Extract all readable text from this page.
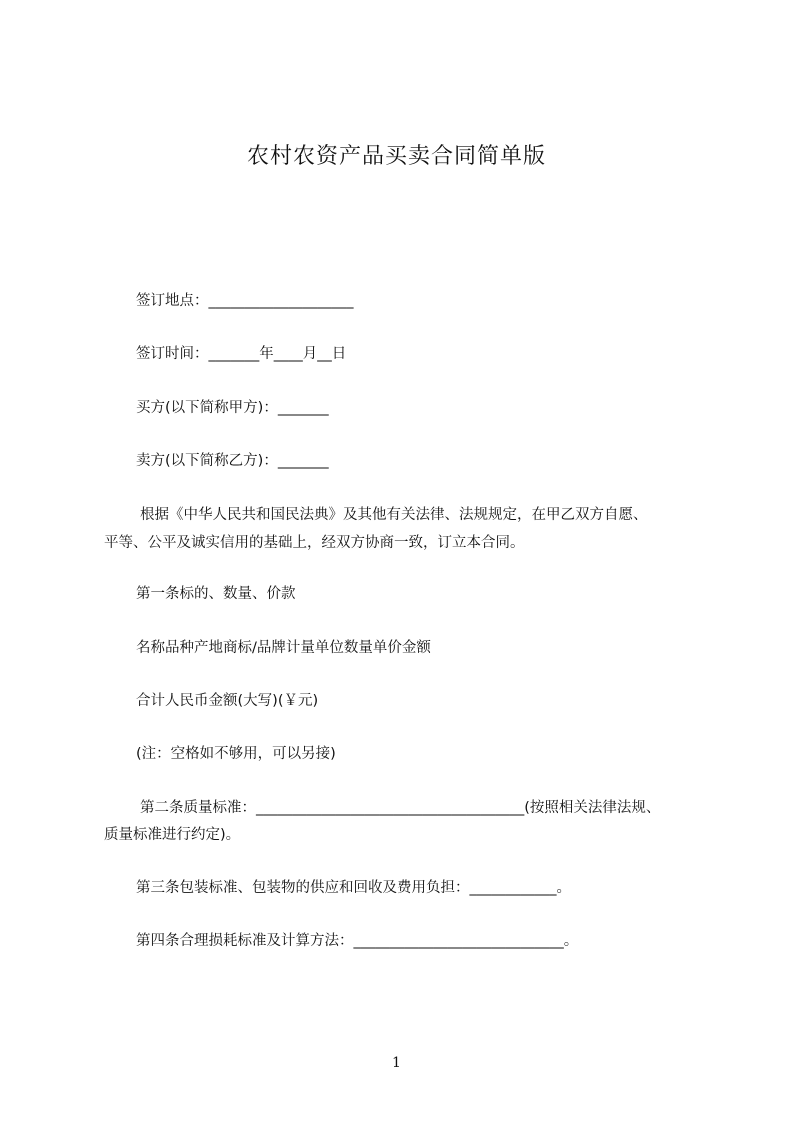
农村农资产品买卖合同简单版
签订地点：____________________
签订时间：_______年____月__日
买方(以下简称甲方)：_______
卖方(以下简称乙方)：_______
根据《中华人民共和国民法典》及其他有关法律、法规规定，在甲乙双方自愿、
平等、公平及诚实信用的基础上，经双方协商一致，订立本合同。
第一条标的、数量、价款
名称品种产地商标/品牌计量单位数量单价金额
合计人民币金额(大写)(￥元)
(注：空格如不够用，可以另接)
第二条质量标准：_____________________________________(按照相关法律法规、
质量标准进行约定)。
第三条包装标准、包装物的供应和回收及费用负担：____________。
第四条合理损耗标准及计算方法：_____________________________。
1
